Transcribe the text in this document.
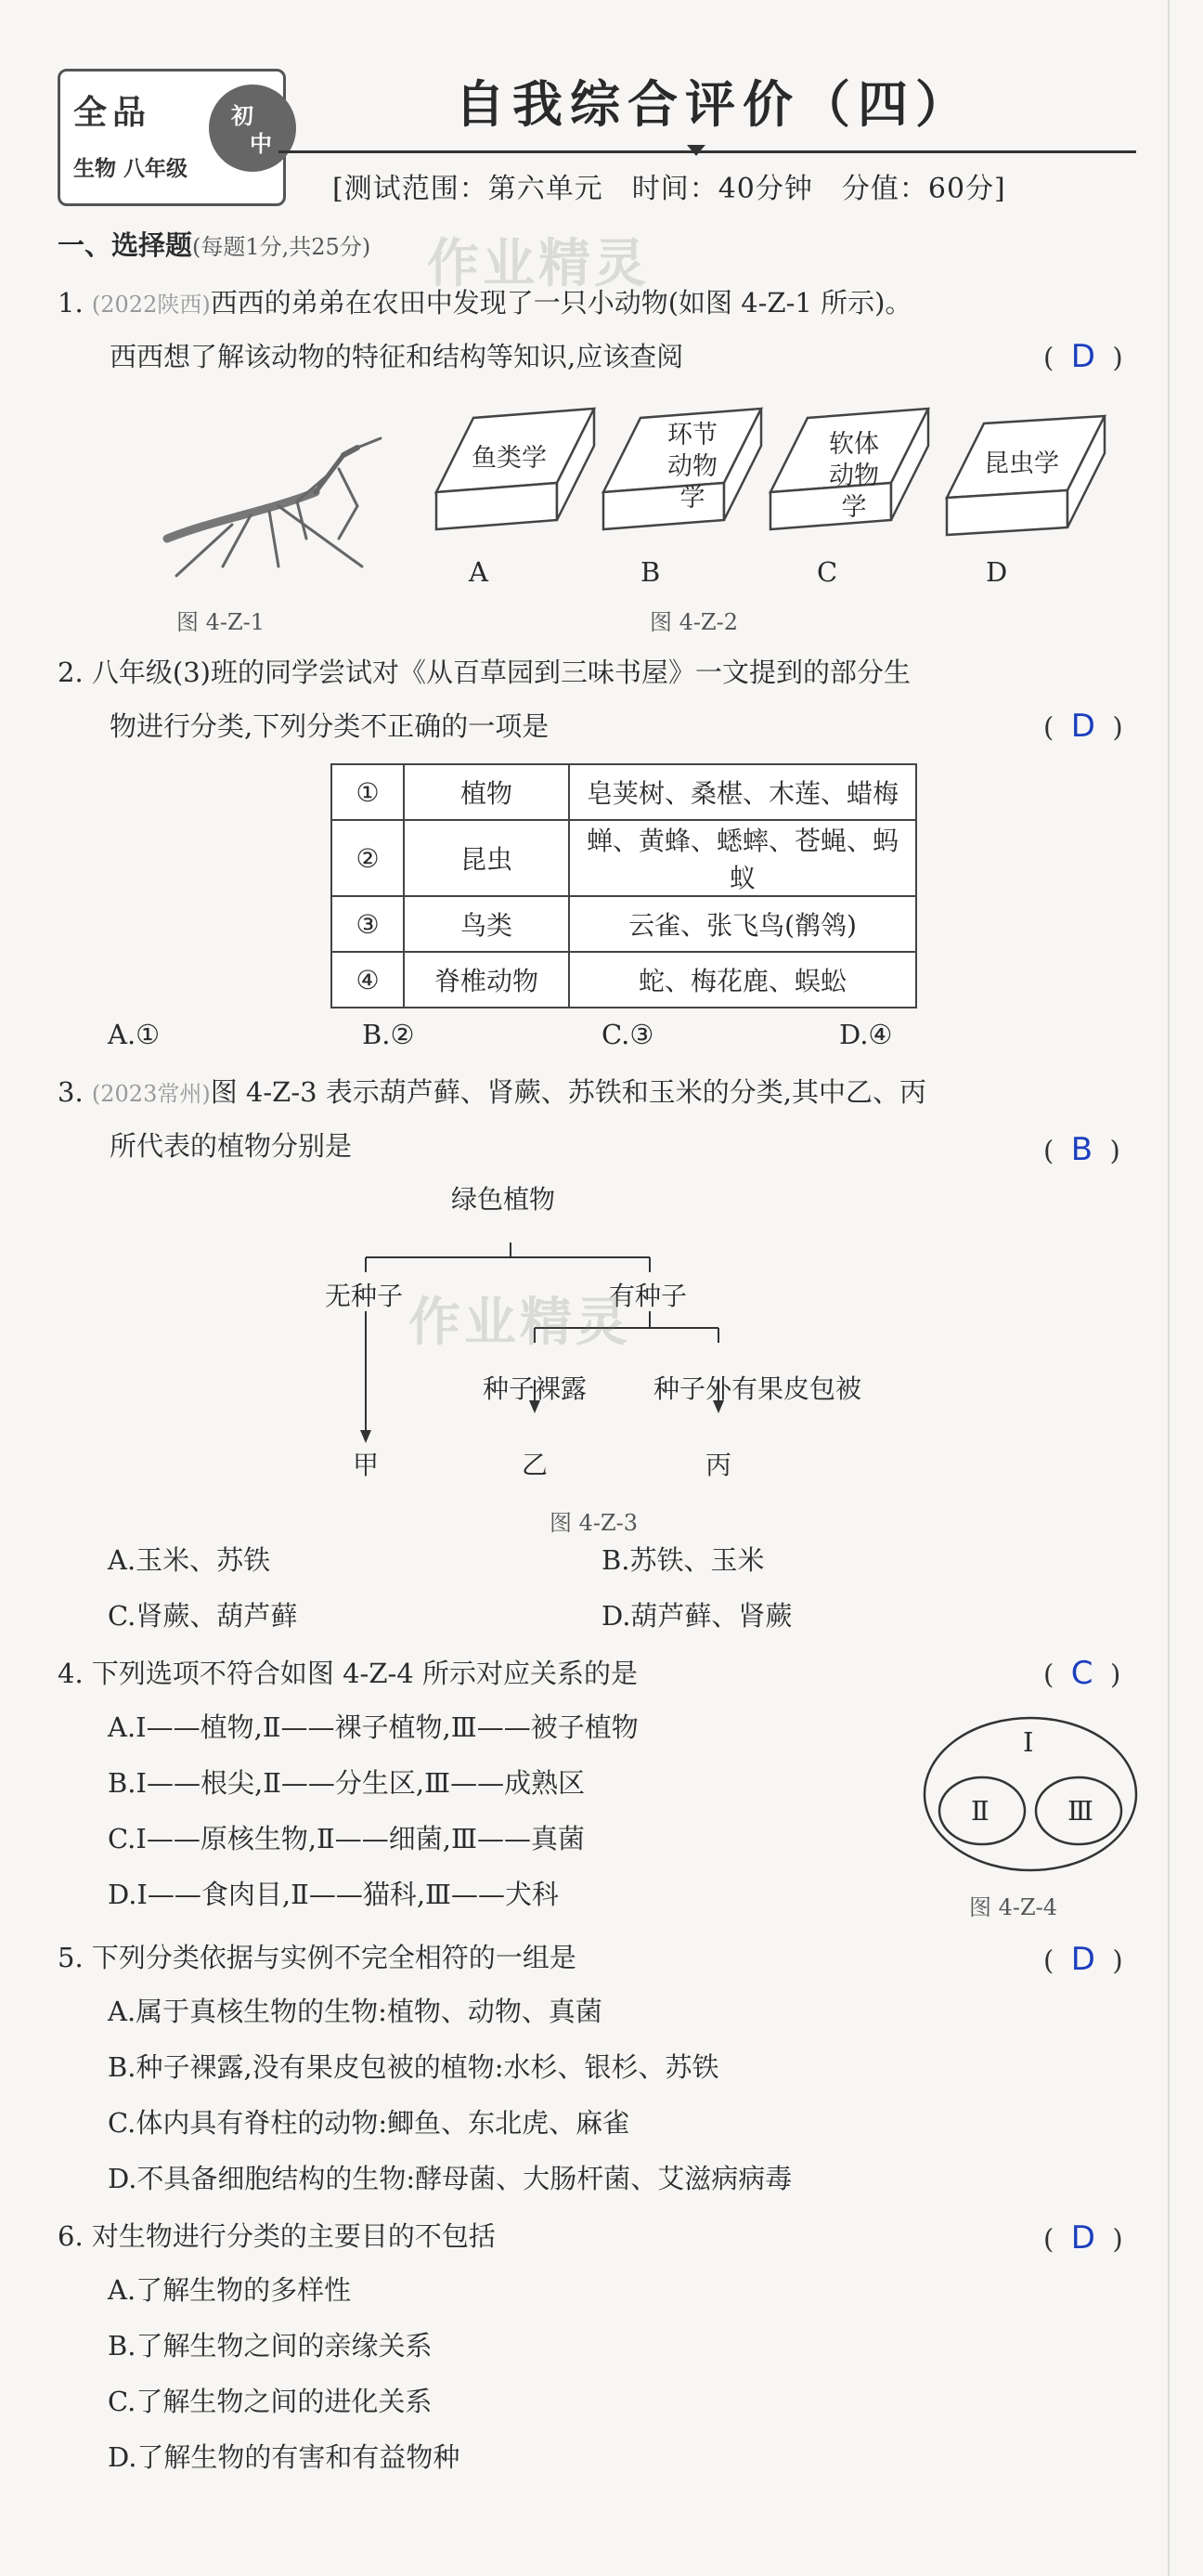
全品
生物 八年级
初
中
自我综合评价（四）
[测试范围：第六单元　时间：40分钟　分值：60分]
一、选择题(每题1分,共25分) 作业精灵
1. (2022陕西)西西的弟弟在农田中发现了一只小动物(如图 4-Z-1 所示)。
西西想了解该动物的特征和结构等知识,应该查阅	(  D  )
图 4-Z-1
鱼类学
环节动物学
软体动物学
昆虫学
A	B	C	D
图 4-Z-2
2. 八年级(3)班的同学尝试对《从百草园到三味书屋》一文提到的部分生
物进行分类,下列分类不正确的一项是	(  D  )
①	植物	皂荚树、桑椹、木莲、蜡梅
②	昆虫	蝉、黄蜂、蟋蟀、苍蝇、蚂蚁
③	鸟类	云雀、张飞鸟(鹡鸰)
④	脊椎动物	蛇、梅花鹿、蜈蚣
A.①	B.②	C.③	D.④
3. (2023常州)图 4-Z-3 表示葫芦藓、肾蕨、苏铁和玉米的分类,其中乙、丙
所代表的植物分别是	(  B  )
绿色植物
无种子	有种子
种子裸露	种子外有果皮包被
甲	乙	丙
作业精灵
图 4-Z-3
A.玉米、苏铁	B.苏铁、玉米
C.肾蕨、葫芦藓	D.葫芦藓、肾蕨
4. 下列选项不符合如图 4-Z-4 所示对应关系的是	(  C  )
A.Ⅰ——植物,Ⅱ——裸子植物,Ⅲ——被子植物
B.Ⅰ——根尖,Ⅱ——分生区,Ⅲ——成熟区
C.Ⅰ——原核生物,Ⅱ——细菌,Ⅲ——真菌
D.Ⅰ——食肉目,Ⅱ——猫科,Ⅲ——犬科
Ⅰ
Ⅱ	Ⅲ
图 4-Z-4
5. 下列分类依据与实例不完全相符的一组是	(  D  )
A.属于真核生物的生物:植物、动物、真菌
B.种子裸露,没有果皮包被的植物:水杉、银杉、苏铁
C.体内具有脊柱的动物:鲫鱼、东北虎、麻雀
D.不具备细胞结构的生物:酵母菌、大肠杆菌、艾滋病病毒
6. 对生物进行分类的主要目的不包括	(  D  )
A.了解生物的多样性
B.了解生物之间的亲缘关系
C.了解生物之间的进化关系
D.了解生物的有害和有益物种
